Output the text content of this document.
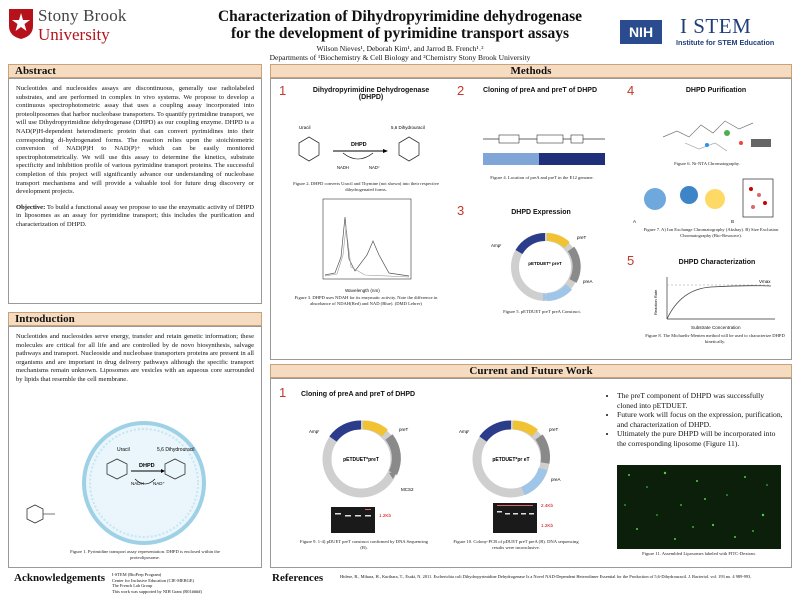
Stony Brook
University
Characterization of Dihydropyrimidine dehydrogenase
for the development of pyrimidine transport assays
Wilson Nieves¹, Deborah Kim¹, and Jarrod B. French¹˒²
Departments of ¹Biochemistry & Cell Biology and ²Chemistry Stony Brook University
NIH	I STEM
Institute for STEM Education
Abstract

Nucleotides and nucleosides assays are discontinuous, generally use radiolabeled substrates, and are performed in complex in vivo systems. We propose to develop a continuous spectrophotometric assay that uses a coupling assay incorporated into proteoliposomes that harbor nucleobase transporters. To quantify pyrimidine transport, we will use Dihydropyrimidine dehydrogenase (DHPD) as our coupling enzyme. DHPD is a NAD(P)H-dependent heterodimeric protein that can convert pyrimidines into their corresponding di-hydrogenated forms. The reaction relies upon the stoichiometric conversion of NAD(P)H to NAD(P)+ which can be easily monitored spectrophotometrically. We will use this assay to determine the kinetics, substrate specificity and inhibition profile of various pyrimidine transport proteins. The successful completion of this project will significantly advance our understanding of nucleobase transport mechanisms and will provide a valuable tool for future drug discovery or development projects.

Objective: To build a functional assay we propose to use the enzymatic activity of DHPD in liposomes as an assay for pyrimidine transport; this includes the purification and characterization of DHPD.

Introduction

Nucleotides and nucleosides serve energy, transfer and retain genetic information; these molecules are critical for all life and are controlled by de novo biosynthesis, salvage pathways and transport. Nucleoside and nucleobase transporters proteins are present in all organisms and are important in drug delivery pathways although the specific transport mechanisms remain unknown. Liposomes are vesicles with an aqueous core surrounded by lipids that resemble the cell membrane.

Uracil	5,6 Dihydrouracil
DHPD
NADH NAD⁺
Figure 1. Pyrimidine transport assay representation. DHPD is enclosed within the proteoliposome.
Methods
1	Dihydropyrimidine Dehydrogenase (DHPD)
Uracil	5,6 Dihydrouracil
DHPD
NADH	NAD⁺
Figure 2. DHPD converts Uracil and Thymine (not shown) into their respective dihydrogenated forms.
Wavelength (nm)
Figure 3. DHPD uses NDAH for its enzymatic activity. Note the difference in absorbance of NDAH(Red) and NAD (Blue). (DMD Lehrer)
2	Cloning of preA and preT of DHPD
Figure 4. Location of preA and preT in the E12 genome.
3	DHPD Expression
pETDUET* preT
Ampʳ
preT
preA
Figure 5. pETDUET preT preA Construct.
4	DHPD Purification
Figure 6. Ni-NTA Chromatography.
A	B
Figure 7. A) Ion Exchange Chromatography (Akshay). B) Size Exclusion Chromatography (Bio-Resource).
5	DHPD Characterization
Vmax
Reaction Rate
Substrate Concentration
Figure 8. The Michaelis-Menten method will be used to characterize DHPD kinetically.
Current and Future Work
1 Cloning of preA and preT of DHPD
pETDUET*preT
Ampʳ	preT
MCS2
1.2Kb
Figure 9. 1-4) pDUET preT construct confirmed by DNA Sequencing (B).
pETDUET*pr eT
Ampʳ	preT
preA
2.4Kb
1.2Kb
Figure 10. Colony-PCR of pDUET preT preA (B). DNA sequencing results were inconclusive.
• The preT component of DHPD was successfully cloned into pETDUET.
• Future work will focus on the expression, purification, and characterization of DHPD.
• Ultimately the pure DHPD will be incorporated into the corresponding liposome (Figure 11).
Figure 11. Assembled Liposomes labeled with FITC-Dextran.
Acknowledgements I-STEM (BioPrep Program)
Center for Inclusive Education (CIE-MERGE)
The French Lab Group
This work was supported by NIH Grant (R01####)
References	Hidese, R., Mihara, H., Kurihara, T., Esaki, N. 2011. Escherichia coli Dihydropyrimidine Dehydrogenase Is a Novel NAD-Dependent Heterodimer Essential for the Production of 5,6-Dihydrouracil. J. Bacteriol. vol. 193 no. 4 989-993.
